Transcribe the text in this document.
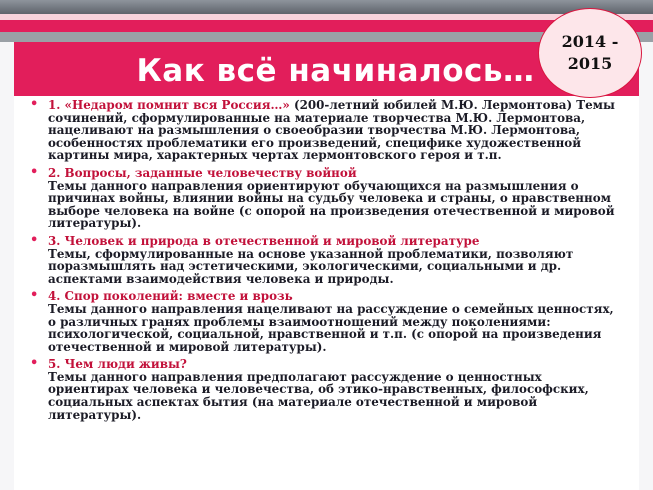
Как всё начиналось…
2014 -
2015
• 1. «Недаром помнит вся Россия…» (200-летний юбилей М.Ю. Лермонтова) Темы сочинений, сформулированные на материале творчества М.Ю. Лермонтова, нацеливают на размышления о своеобразии творчества М.Ю. Лермонтова, особенностях проблематики его произведений, специфике художественной картины мира, характерных чертах лермонтовского героя и т.п.
• 2. Вопросы, заданные человечеству войной
Темы данного направления ориентируют обучающихся на размышления о причинах войны, влиянии войны на судьбу человека и страны, о нравственном выборе человека на войне (с опорой на произведения отечественной и мировой литературы).
• 3. Человек и природа в отечественной и мировой литературе
Темы, сформулированные на основе указанной проблематики, позволяют поразмышлять над эстетическими, экологическими, социальными и др. аспектами взаимодействия человека и природы.
• 4. Спор поколений: вместе и врозь
Темы данного направления нацеливают на рассуждение о семейных ценностях, о различных гранях проблемы взаимоотношений между поколениями: психологической, социальной, нравственной и т.п. (с опорой на произведения отечественной и мировой литературы).
• 5. Чем люди живы?
Темы данного направления предполагают рассуждение о ценностных ориентирах человека и человечества, об этико-нравственных, философских, социальных аспектах бытия (на материале отечественной и мировой литературы).
